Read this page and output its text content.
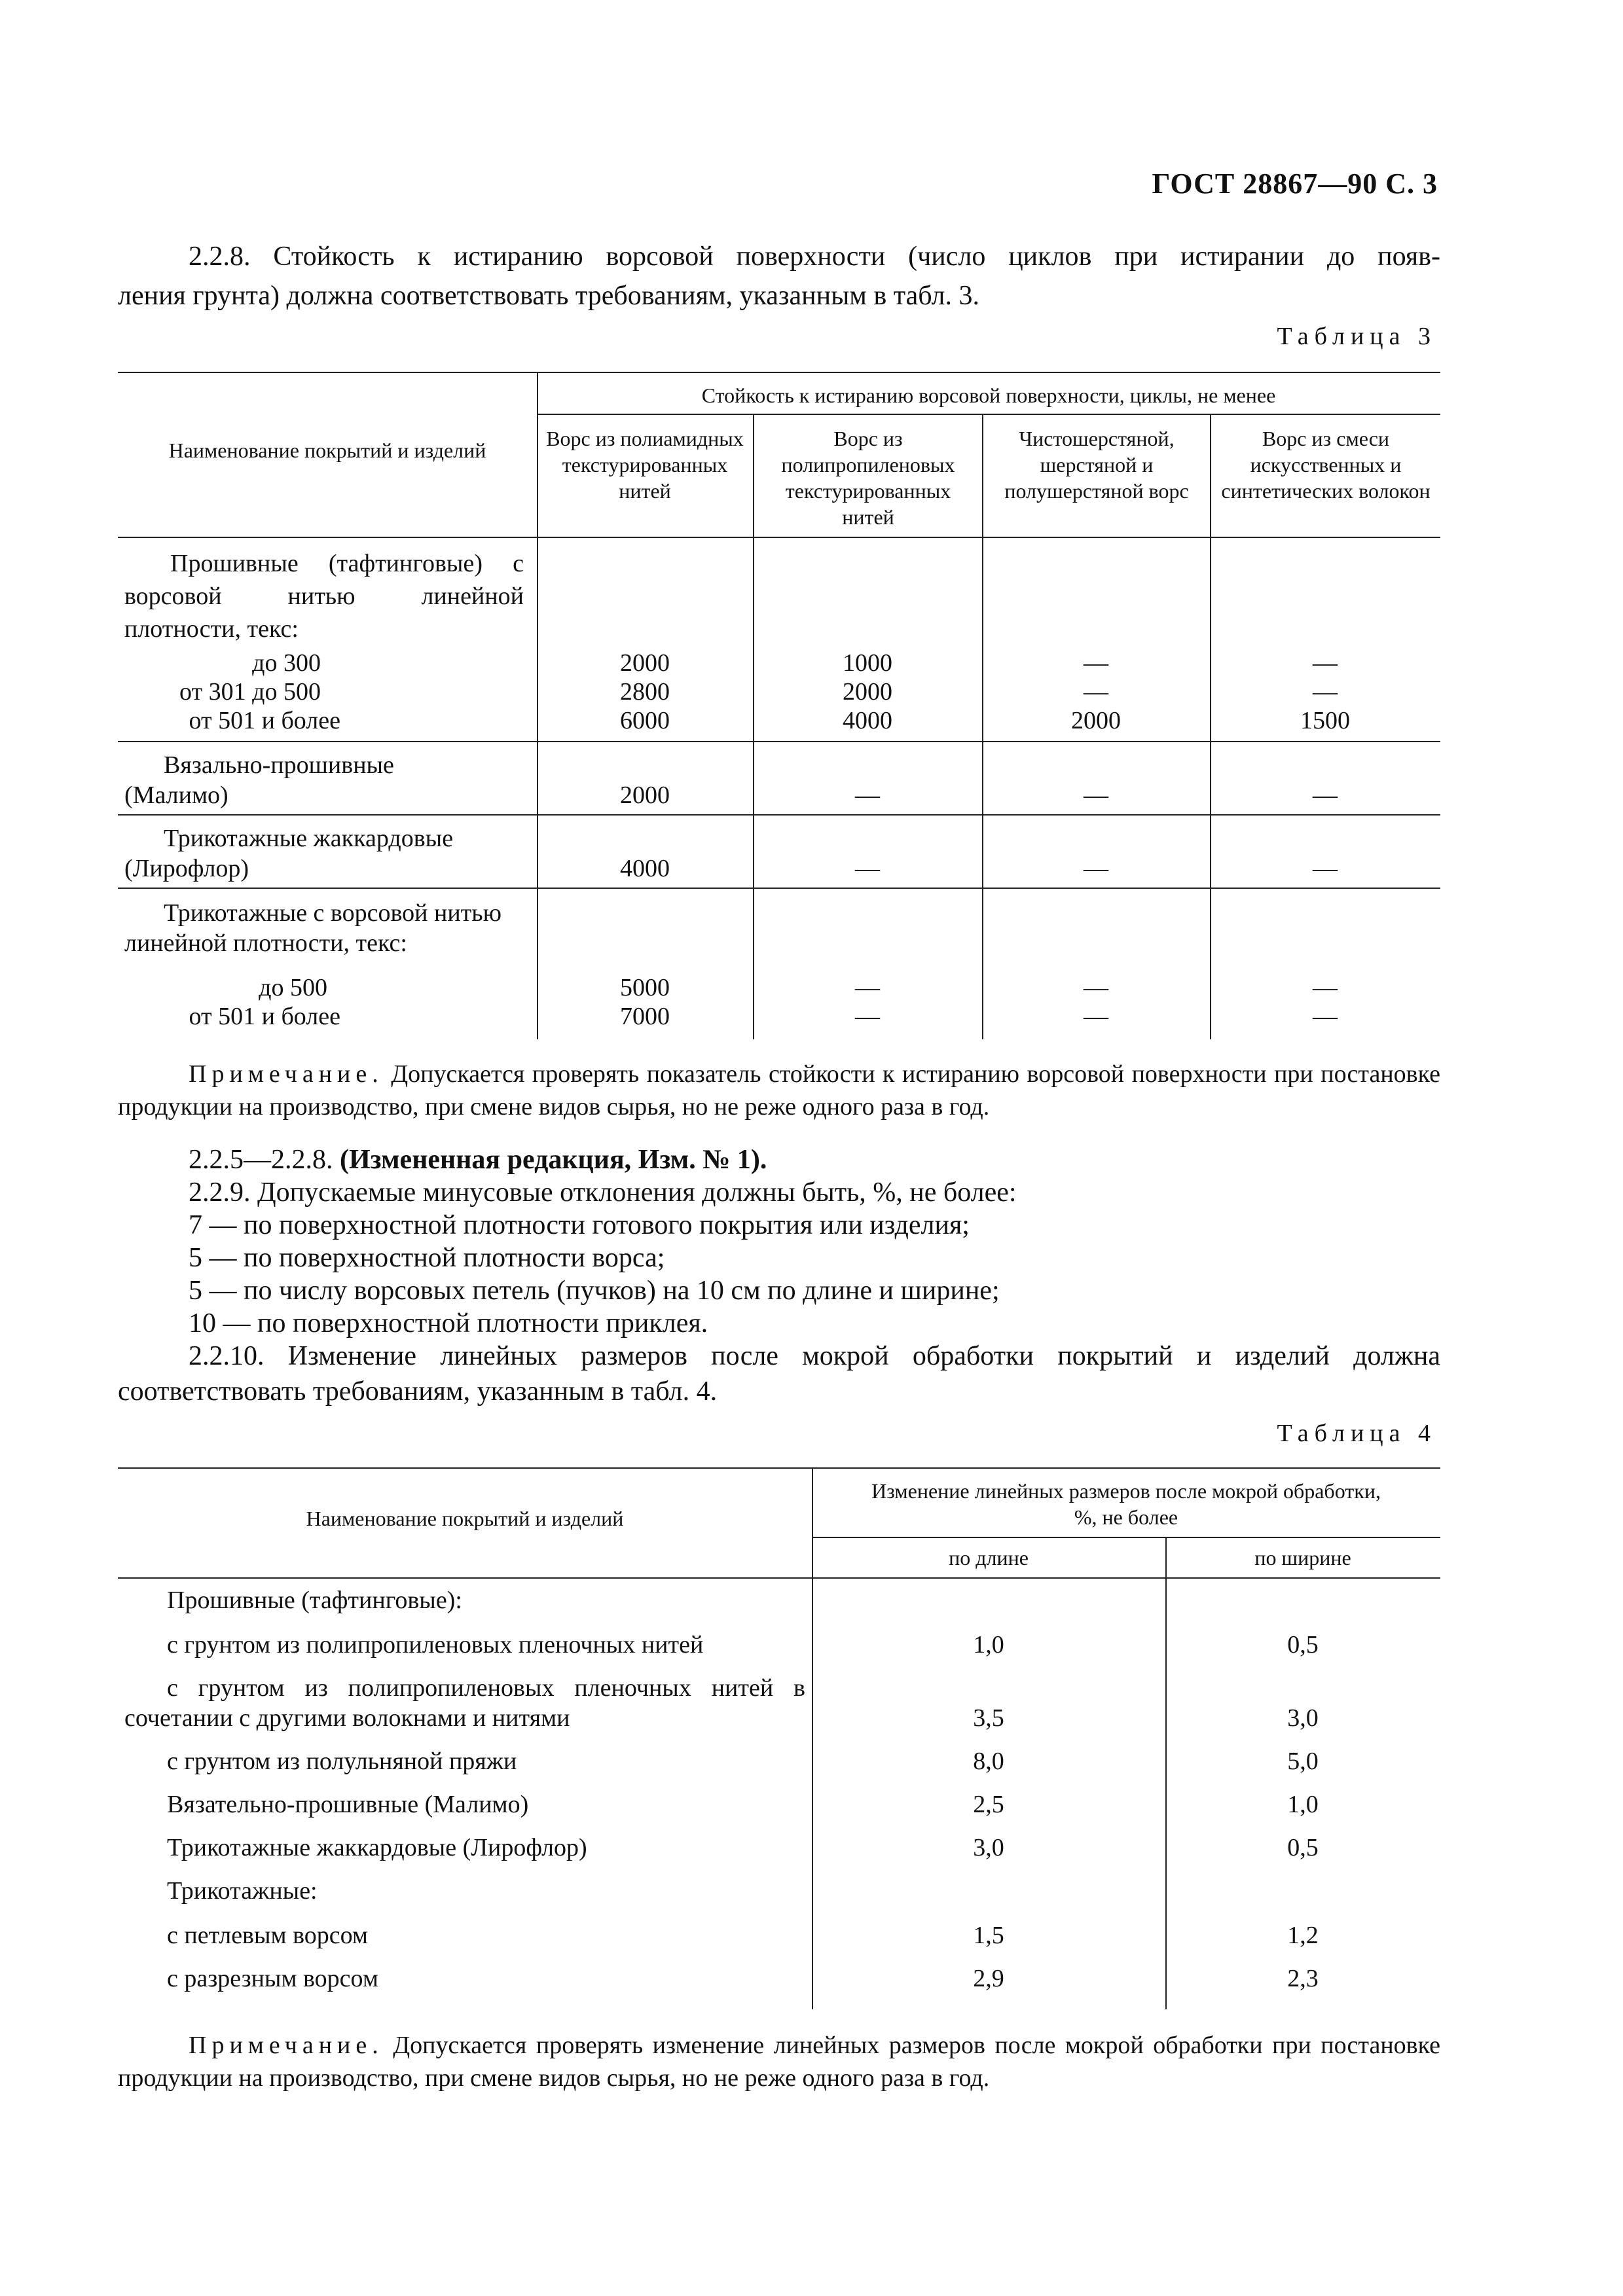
ГОСТ 28867—90 С. 3
2.2.8. Стойкость к истиранию ворсовой поверхности (число циклов при истирании до появ-
ления грунта) должна соответствовать требованиям, указанным в табл. 3.
Таблица 3
Наименование покрытий и изделий
Стойкость к истиранию ворсовой поверхности, циклы, не менее
Ворс из полиамидных текстурированных нитей
Ворс из полипропиленовых текстурированных нитей
Чистошерстяной, шерстяной и полушерстяной ворс
Ворс из смеси искусственных и синтетических волокон
Прошивные (тафтинговые) с ворсовой нитью линейной плотности, текс:
до 300	2000	1000	—	—
от 301 до 500	2800	2000	—	—
от 501 и более	6000	4000	2000	1500
Вязально-прошивные (Малимо)	2000	—	—	—
Трикотажные жаккардовые (Лирофлор)	4000	—	—	—
Трикотажные с ворсовой нитью линейной плотности, текс:
до 500	5000	—	—	—
от 501 и более	7000	—	—	—
Примечание. Допускается проверять показатель стойкости к истиранию ворсовой поверхности при постановке продукции на производство, при смене видов сырья, но не реже одного раза в год.
2.2.5—2.2.8. (Измененная редакция, Изм. № 1).
2.2.9. Допускаемые минусовые отклонения должны быть, %, не более:
7 — по поверхностной плотности готового покрытия или изделия;
5 — по поверхностной плотности ворса;
5 — по числу ворсовых петель (пучков) на 10 см по длине и ширине;
10 — по поверхностной плотности приклея.
2.2.10. Изменение линейных размеров после мокрой обработки покрытий и изделий должна
соответствовать требованиям, указанным в табл. 4.
Таблица 4
Наименование покрытий и изделий
Изменение линейных размеров после мокрой обработки, %, не более
по длине	по ширине
Прошивные (тафтинговые):
с грунтом из полипропиленовых пленочных нитей	1,0	0,5
с грунтом из полипропиленовых пленочных нитей в сочетании с другими волокнами и нитями	3,5	3,0
с грунтом из полульняной пряжи	8,0	5,0
Вязательно-прошивные (Малимо)	2,5	1,0
Трикотажные жаккардовые (Лирофлор)	3,0	0,5
Трикотажные:
с петлевым ворсом	1,5	1,2
с разрезным ворсом	2,9	2,3
Примечание. Допускается проверять изменение линейных размеров после мокрой обработки при постановке продукции на производство, при смене видов сырья, но не реже одного раза в год.
